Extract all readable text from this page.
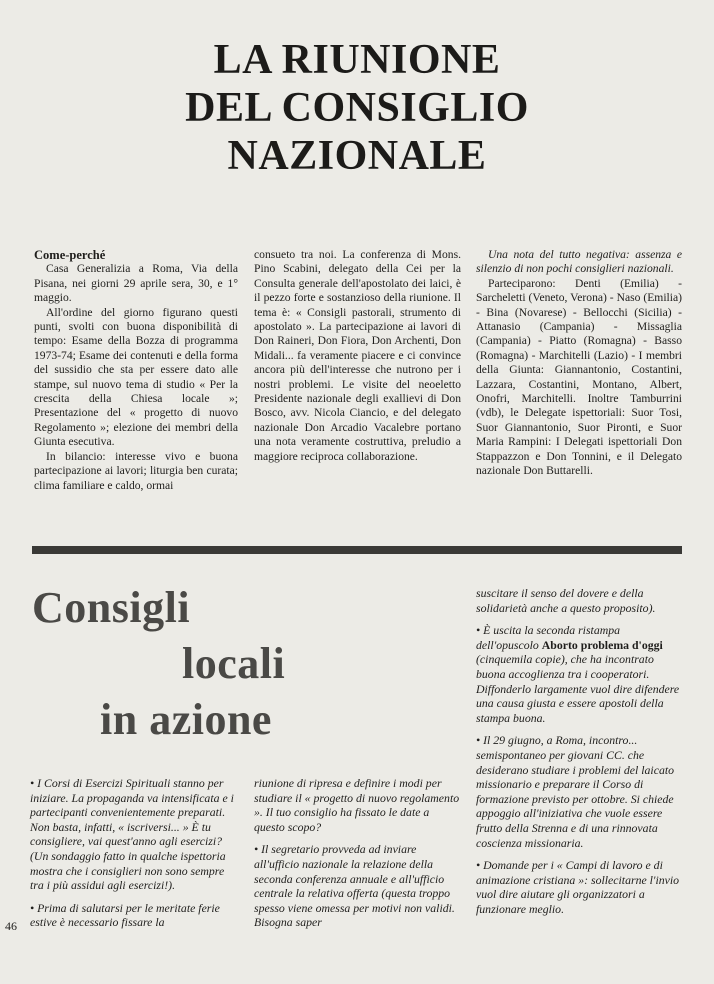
LA RIUNIONE
DEL CONSIGLIO
NAZIONALE

Come-perché

Casa Generalizia a Roma, Via della Pisana, nei giorni 29 aprile sera, 30, e 1° maggio.

All'ordine del giorno figurano questi punti, svolti con buona disponibilità di tempo: Esame della Bozza di programma 1973-74; Esame dei contenuti e della forma del sussidio che sta per essere dato alle stampe, sul nuovo tema di studio « Per la crescita della Chiesa locale »; Presentazione del « progetto di nuovo Regolamento »; elezione dei membri della Giunta esecutiva.

In bilancio: interesse vivo e buona partecipazione ai lavori; liturgia ben curata; clima familiare e caldo, ormai

consueto tra noi. La conferenza di Mons. Pino Scabini, delegato della Cei per la Consulta generale dell'apostolato dei laici, è il pezzo forte e sostanzioso della riunione. Il tema è: « Consigli pastorali, strumento di apostolato ». La partecipazione ai lavori di Don Raineri, Don Fiora, Don Archenti, Don Midali... fa veramente piacere e ci convince ancora più dell'interesse che nutrono per i nostri problemi. Le visite del neoeletto Presidente nazionale degli exallievi di Don Bosco, avv. Nicola Ciancio, e del delegato nazionale Don Arcadio Vacalebre portano una nota veramente costruttiva, preludio a maggiore reciproca collaborazione.

Una nota del tutto negativa: assenza e silenzio di non pochi consiglieri nazionali.

Parteciparono: Denti (Emilia) - Sarcheletti (Veneto, Verona) - Naso (Emilia) - Bina (Novarese) - Bellocchi (Sicilia) - Attanasio (Campania) - Missaglia (Campania) - Piatto (Romagna) - Basso (Romagna) - Marchitelli (Lazio) - I membri della Giunta: Giannantonio, Costantini, Lazzara, Costantini, Montano, Albert, Onofri, Marchitelli. Inoltre Tamburrini (vdb), le Delegate ispettoriali: Suor Tosi, Suor Giannantonio, Suor Pironti, e Suor Maria Rampini: I Delegati ispettoriali Don Stappazzon e Don Tonnini, e il Delegato nazionale Don Buttarelli.

Consigli
locali
in azione

• I Corsi di Esercizi Spirituali stanno per iniziare. La propaganda va intensificata e i partecipanti convenientemente preparati. Non basta, infatti, « iscriversi... » È tu consigliere, vai quest'anno agli esercizi? (Un sondaggio fatto in qualche ispettoria mostra che i consiglieri non sono sempre tra i più assidui agli esercizi!).

• Prima di salutarsi per le meritate ferie estive è necessario fissare la

riunione di ripresa e definire i modi per studiare il « progetto di nuovo regolamento ». Il tuo consiglio ha fissato le date a questo scopo?

• Il segretario provveda ad inviare all'ufficio nazionale la relazione della seconda conferenza annuale e all'ufficio centrale la relativa offerta (questa troppo spesso viene omessa per motivi non validi. Bisogna saper

suscitare il senso del dovere e della solidarietà anche a questo proposito).

• È uscita la seconda ristampa dell'opuscolo Aborto problema d'oggi (cinquemila copie), che ha incontrato buona accoglienza tra i cooperatori. Diffonderlo largamente vuol dire difendere una causa giusta e essere apostoli della stampa buona.

• Il 29 giugno, a Roma, incontro... semispontaneo per giovani CC. che desiderano studiare i problemi del laicato missionario e preparare il Corso di formazione previsto per ottobre. Si chiede appoggio all'iniziativa che vuole essere frutto della Strenna e di una rinnovata coscienza missionaria.

• Domande per i « Campi di lavoro e di animazione cristiana »: sollecitarne l'invio vuol dire aiutare gli organizzatori a funzionare meglio.

46
